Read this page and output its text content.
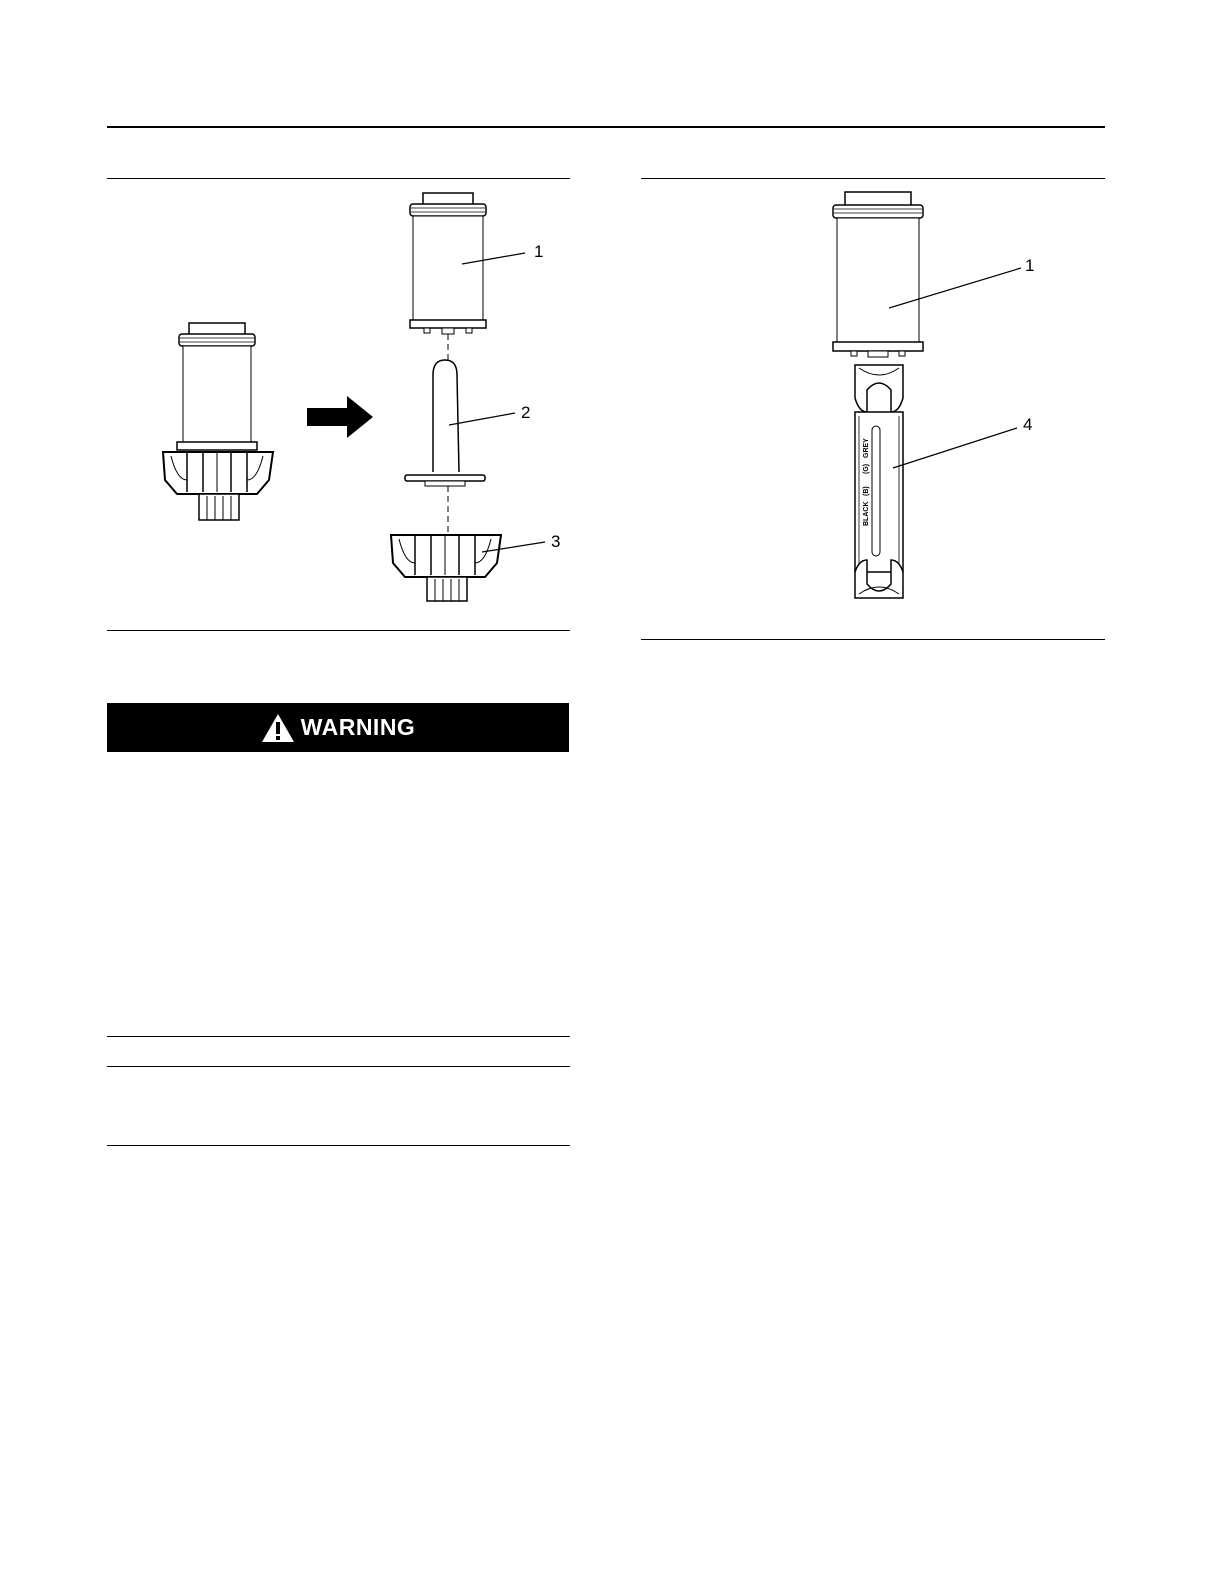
1
2
3
BLACK
(B)
(G)
GREY
1
4
WARNING
